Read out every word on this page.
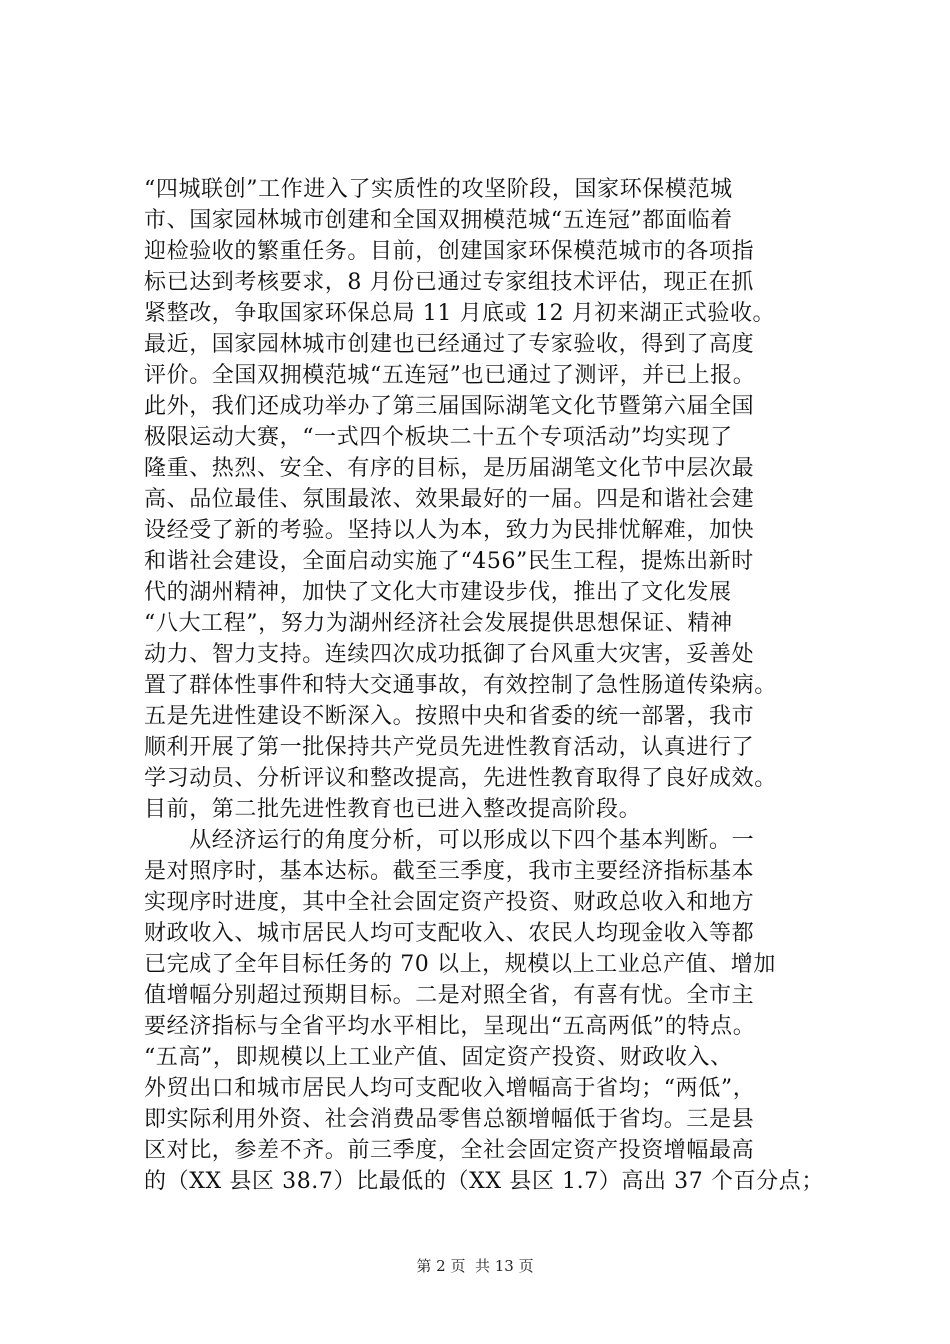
“四城联创”工作进入了实质性的攻坚阶段，国家环保模范城
市、国家园林城市创建和全国双拥模范城“五连冠”都面临着
迎检验收的繁重任务。目前，创建国家环保模范城市的各项指
标已达到考核要求，8 月份已通过专家组技术评估，现正在抓
紧整改，争取国家环保总局 11 月底或 12 月初来湖正式验收。
最近，国家园林城市创建也已经通过了专家验收，得到了高度
评价。全国双拥模范城“五连冠”也已通过了测评，并已上报。
此外，我们还成功举办了第三届国际湖笔文化节暨第六届全国
极限运动大赛，“一式四个板块二十五个专项活动”均实现了
隆重、热烈、安全、有序的目标，是历届湖笔文化节中层次最
高、品位最佳、氛围最浓、效果最好的一届。四是和谐社会建
设经受了新的考验。坚持以人为本，致力为民排忧解难，加快
和谐社会建设，全面启动实施了“456”民生工程，提炼出新时
代的湖州精神，加快了文化大市建设步伐，推出了文化发展
“八大工程”，努力为湖州经济社会发展提供思想保证、精神
动力、智力支持。连续四次成功抵御了台风重大灾害，妥善处
置了群体性事件和特大交通事故，有效控制了急性肠道传染病。
五是先进性建设不断深入。按照中央和省委的统一部署，我市
顺利开展了第一批保持共产党员先进性教育活动，认真进行了
学习动员、分析评议和整改提高，先进性教育取得了良好成效。
目前，第二批先进性教育也已进入整改提高阶段。
　　从经济运行的角度分析，可以形成以下四个基本判断。一
是对照序时，基本达标。截至三季度，我市主要经济指标基本
实现序时进度，其中全社会固定资产投资、财政总收入和地方
财政收入、城市居民人均可支配收入、农民人均现金收入等都
已完成了全年目标任务的 70 以上，规模以上工业总产值、增加
值增幅分别超过预期目标。二是对照全省，有喜有忧。全市主
要经济指标与全省平均水平相比，呈现出“五高两低”的特点。
“五高”，即规模以上工业产值、固定资产投资、财政收入、
外贸出口和城市居民人均可支配收入增幅高于省均；“两低”，
即实际利用外资、社会消费品零售总额增幅低于省均。三是县
区对比，参差不齐。前三季度，全社会固定资产投资增幅最高
的（XX 县区 38.7）比最低的（XX 县区 1.7）高出 37 个百分点；
第 2 页 共 13 页
